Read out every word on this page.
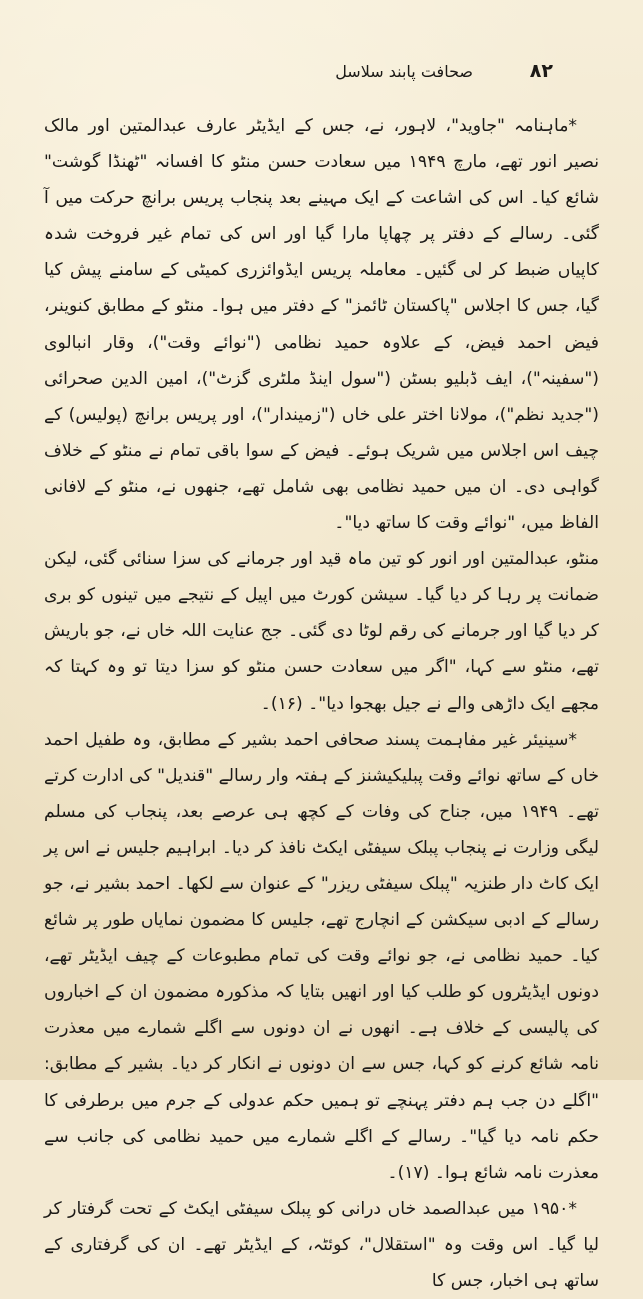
۸۲
صحافت پابند سلاسل

*ماہنامہ "جاوید"، لاہور، نے، جس کے ایڈیٹر عارف عبدالمتین اور مالک نصیر انور تھے، مارچ ۱۹۴۹ میں سعادت حسن منٹو کا افسانہ "ٹھنڈا گوشت" شائع کیا۔ اس کی اشاعت کے ایک مہینے بعد پنجاب پریس برانچ حرکت میں آ گئی۔ رسالے کے دفتر پر چھاپا مارا گیا اور اس کی تمام غیر فروخت شدہ کاپیاں ضبط کر لی گئیں۔ معاملہ پریس ایڈوائزری کمیٹی کے سامنے پیش کیا گیا، جس کا اجلاس "پاکستان ٹائمز" کے دفتر میں ہوا۔ منٹو کے مطابق کنوینر، فیض احمد فیض، کے علاوہ حمید نظامی ("نوائے وقت")، وقار انبالوی ("سفینہ")، ایف ڈبلیو بسٹن ("سول اینڈ ملٹری گزٹ")، امین الدین صحرائی ("جدید نظم")، مولانا اختر علی خاں ("زمیندار")، اور پریس برانچ (پولیس) کے چیف اس اجلاس میں شریک ہوئے۔ فیض کے سوا باقی تمام نے منٹو کے خلاف گواہی دی۔ ان میں حمید نظامی بھی شامل تھے، جنھوں نے، منٹو کے لافانی الفاظ میں، "نوائے وقت کا ساتھ دیا"۔

منٹو، عبدالمتین اور انور کو تین ماہ قید اور جرمانے کی سزا سنائی گئی، لیکن ضمانت پر رہا کر دیا گیا۔ سیشن کورٹ میں اپیل کے نتیجے میں تینوں کو بری کر دیا گیا اور جرمانے کی رقم لوٹا دی گئی۔ جج عنایت اللہ خاں نے، جو باریش تھے، منٹو سے کہا، "اگر میں سعادت حسن منٹو کو سزا دیتا تو وہ کہتا کہ مجھے ایک داڑھی والے نے جیل بھجوا دیا"۔ (۱۶)۔

*سینیئر غیر مفاہمت پسند صحافی احمد بشیر کے مطابق، وہ طفیل احمد خاں کے ساتھ نوائے وقت پبلیکیشنز کے ہفتہ وار رسالے "قندیل" کی ادارت کرتے تھے۔ ۱۹۴۹ میں، جناح کی وفات کے کچھ ہی عرصے بعد، پنجاب کی مسلم لیگی وزارت نے پنجاب پبلک سیفٹی ایکٹ نافذ کر دیا۔ ابراہیم جلیس نے اس پر ایک کاٹ دار طنزیہ "پبلک سیفٹی ریزر" کے عنوان سے لکھا۔ احمد بشیر نے، جو رسالے کے ادبی سیکشن کے انچارج تھے، جلیس کا مضمون نمایاں طور پر شائع کیا۔ حمید نظامی نے، جو نوائے وقت کی تمام مطبوعات کے چیف ایڈیٹر تھے، دونوں ایڈیٹروں کو طلب کیا اور انھیں بتایا کہ مذکورہ مضمون ان کے اخباروں کی پالیسی کے خلاف ہے۔ انھوں نے ان دونوں سے اگلے شمارے میں معذرت نامہ شائع کرنے کو کہا، جس سے ان دونوں نے انکار کر دیا۔ بشیر کے مطابق: "اگلے دن جب ہم دفتر پہنچے تو ہمیں حکم عدولی کے جرم میں برطرفی کا حکم نامہ دیا گیا"۔ رسالے کے اگلے شمارے میں حمید نظامی کی جانب سے معذرت نامہ شائع ہوا۔ (۱۷)۔

*۱۹۵۰ میں عبدالصمد خاں درانی کو پبلک سیفٹی ایکٹ کے تحت گرفتار کر لیا گیا۔ اس وقت وہ "استقلال"، کوئٹہ، کے ایڈیٹر تھے۔ ان کی گرفتاری کے ساتھ ہی اخبار، جس کا
